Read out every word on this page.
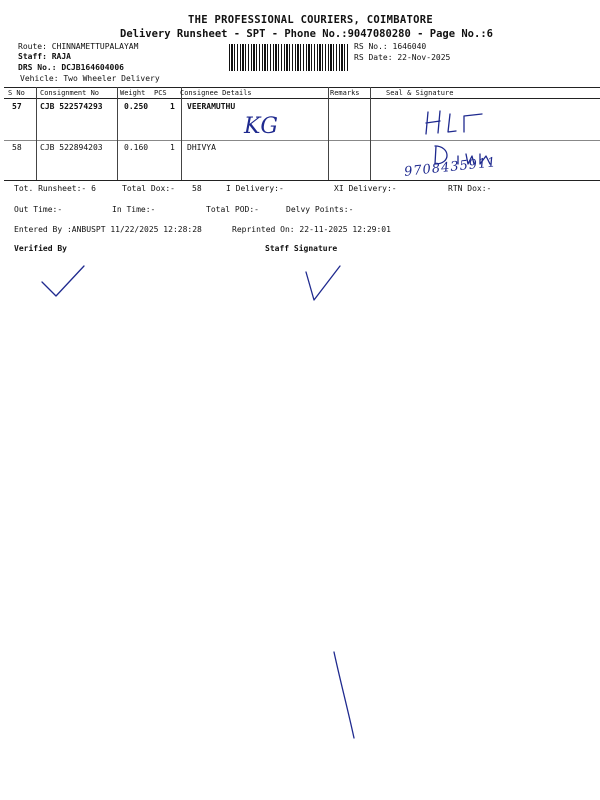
THE PROFESSIONAL COURIERS, COIMBATORE
Delivery Runsheet - SPT - Phone No.:9047080280 - Page No.:6
Route: CHINNAMETTUPALAYAM
Staff: RAJA
DRS No.: DCJB164604006
Vehicle: Two Wheeler Delivery
RS No.: 1646040
RS Date: 22-Nov-2025
S No Consignment No	Weight PCS Consignee Details	Remarks	Seal & Signature
57 CJB 522574293	0.250	1 VEERAMUTHU
58 CJB 522894203	0.160	1 DHIVYA
KG
9708435911
Tot. Runsheet:- 6	Total Dox:- 58	I Delivery:-	XI Delivery:-	RTN Dox:-
Out Time:-	In Time:-	Total POD:-	Delvy Points:-
Entered By :ANBUSPT 11/22/2025 12:28:28	Reprinted On: 22-11-2025 12:29:01
Verified By	Staff Signature
